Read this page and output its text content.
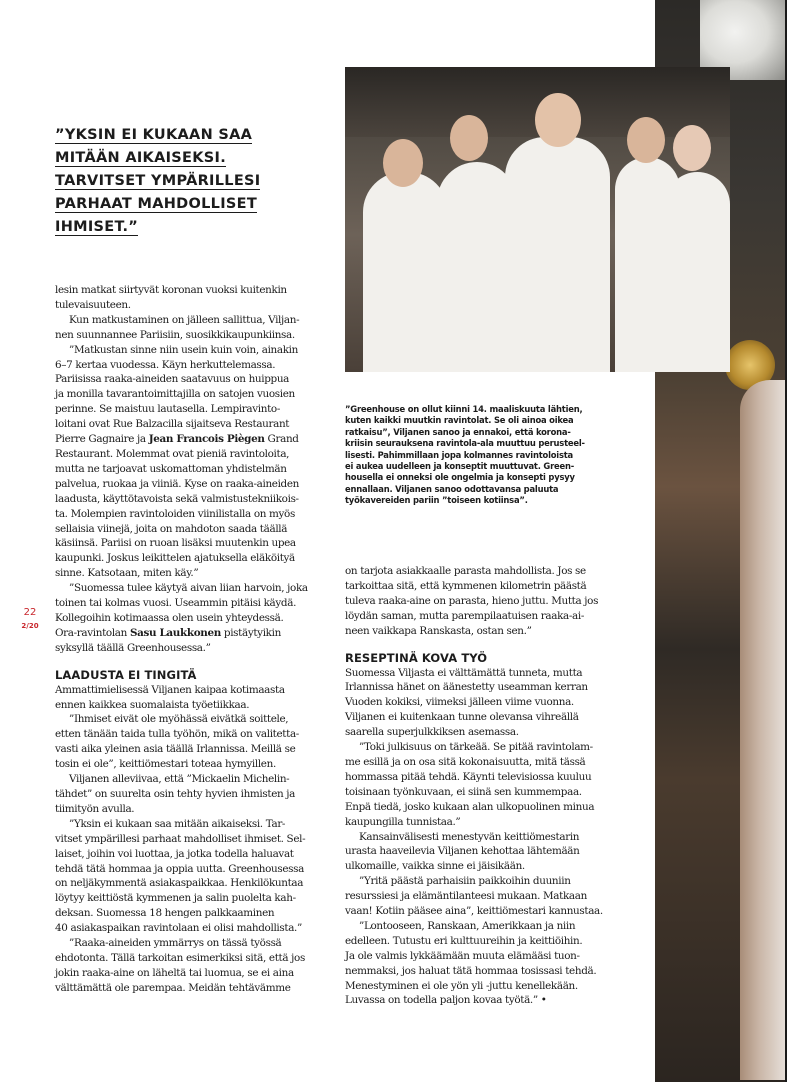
”YKSIN EI KUKAAN SAA
MITÄÄN AIKAISEKSI.
TARVITSET YMPÄRILLESI
PARHAAT MAHDOLLISET
IHMISET.”
lesin matkat siirtyvät koronan vuoksi kuitenkin
tulevaisuuteen.
Kun matkustaminen on jälleen sallittua, Viljan-
nen suunnannee Pariisiin, suosikkikaupunkiinsa.
”Matkustan sinne niin usein kuin voin, ainakin
6–7 kertaa vuodessa. Käyn herkuttelemassa.
Pariisissa raaka-aineiden saatavuus on huippua
ja monilla tavarantoimittajilla on satojen vuosien
perinne. Se maistuu lautasella. Lempiravinto-
loitani ovat Rue Balzacilla sijaitseva Restaurant
Pierre Gagnaire ja Jean Francois Piègen Grand
Restaurant. Molemmat ovat pieniä ravintoloita,
mutta ne tarjoavat uskomattoman yhdistelmän
palvelua, ruokaa ja viiniä. Kyse on raaka-aineiden
laadusta, käyttötavoista sekä valmistustekniikois-
ta. Molempien ravintoloiden viinilistalla on myös
sellaisia viinejä, joita on mahdoton saada täällä
käsiinsä. Pariisi on ruoan lisäksi muutenkin upea
kaupunki. Joskus leikittelen ajatuksella eläköityä
sinne. Katsotaan, miten käy.”
”Suomessa tulee käytyä aivan liian harvoin, joka
toinen tai kolmas vuosi. Useammin pitäisi käydä.
Kollegoihin kotimaassa olen usein yhteydessä.
Ora-ravintolan Sasu Laukkonen pistäytyikin
syksyllä täällä Greenhousessa.”
LAADUSTA EI TINGITÄ
Ammattimielisessä Viljanen kaipaa kotimaasta
ennen kaikkea suomalaista työetiikkaa.
”Ihmiset eivät ole myöhässä eivätkä soittele,
etten tänään taida tulla työhön, mikä on valitetta-
vasti aika yleinen asia täällä Irlannissa. Meillä se
tosin ei ole”, keittiömestari toteaa hymyillen.
Viljanen alleviivaa, että ”Mickaelin Michelin-
tähdet” on suurelta osin tehty hyvien ihmisten ja
tiimityön avulla.
”Yksin ei kukaan saa mitään aikaiseksi. Tar-
vitset ympärillesi parhaat mahdolliset ihmiset. Sel-
laiset, joihin voi luottaa, ja jotka todella haluavat
tehdä tätä hommaa ja oppia uutta. Greenhousessa
on neljäkymmentä asiakaspaikkaa. Henkilökuntaa
löytyy keittiöstä kymmenen ja salin puolelta kah-
deksan. Suomessa 18 hengen palkkaaminen
40 asiakaspaikan ravintolaan ei olisi mahdollista.”
”Raaka-aineiden ymmärrys on tässä työssä
ehdotonta. Tällä tarkoitan esimerkiksi sitä, että jos
jokin raaka-aine on läheltä tai luomua, se ei aina
välttämättä ole parempaa. Meidän tehtävämme
”Greenhouse on ollut kiinni 14. maaliskuuta lähtien,
kuten kaikki muutkin ravintolat. Se oli ainoa oikea
ratkaisu”, Viljanen sanoo ja ennakoi, että korona-
kriisin seurauksena ravintola-ala muuttuu perusteel-
lisesti. Pahimmillaan jopa kolmannes ravintoloista
ei aukea uudelleen ja konseptit muuttuvat. Green-
housella ei onneksi ole ongelmia ja konsepti pysyy
ennallaan. Viljanen sanoo odottavansa paluuta
työkavereiden pariin ”toiseen kotiinsa”.
on tarjota asiakkaalle parasta mahdollista. Jos se
tarkoittaa sitä, että kymmenen kilometrin päästä
tuleva raaka-aine on parasta, hieno juttu. Mutta jos
löydän saman, mutta parempilaatuisen raaka-ai-
neen vaikkapa Ranskasta, ostan sen.”
RESEPTINÄ KOVA TYÖ
Suomessa Viljasta ei välttämättä tunneta, mutta
Irlannissa hänet on äänestetty useamman kerran
Vuoden kokiksi, viimeksi jälleen viime vuonna.
Viljanen ei kuitenkaan tunne olevansa vihreällä
saarella superjulkkiksen asemassa.
”Toki julkisuus on tärkeää. Se pitää ravintolam-
me esillä ja on osa sitä kokonaisuutta, mitä tässä
hommassa pitää tehdä. Käynti televisiossa kuuluu
toisinaan työnkuvaan, ei siinä sen kummempaa.
Enpä tiedä, josko kukaan alan ulkopuolinen minua
kaupungilla tunnistaa.”
Kansainvälisesti menestyvän keittiömestarin
urasta haaveilevia Viljanen kehottaa lähtemään
ulkomaille, vaikka sinne ei jäisikään.
”Yritä päästä parhaisiin paikkoihin duuniin
resurssiesi ja elämäntilanteesi mukaan. Matkaan
vaan! Kotiin pääsee aina”, keittiömestari kannustaa.
”Lontooseen, Ranskaan, Amerikkaan ja niin
edelleen. Tutustu eri kulttuureihin ja keittiöihin.
Ja ole valmis lykkäämään muuta elämääsi tuon-
nemmaksi, jos haluat tätä hommaa tosissasi tehdä.
Menestyminen ei ole yön yli -juttu kenellekään.
Luvassa on todella paljon kovaa työtä.” •
22
2/20
